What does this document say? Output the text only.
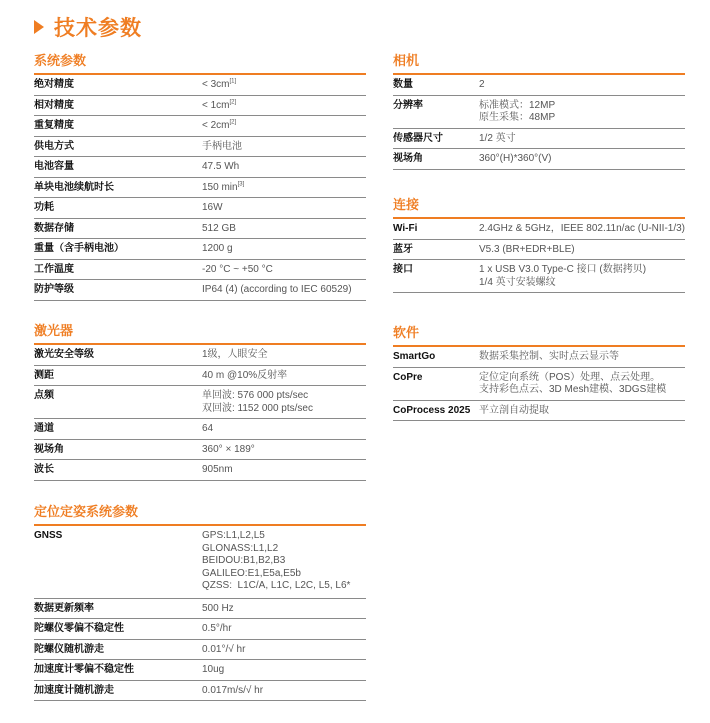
技术参数
系统参数
绝对精度	< 3cm[1]

相对精度	< 1cm[2]

重复精度	< 2cm[2]

供电方式	手柄电池

电池容量	47.5 Wh

单块电池续航时长	150 min[3]

功耗	16W

数据存储	512 GB

重量（含手柄电池）	1200 g

工作温度	-20 °C ~ +50 °C

防护等级	IP64 (4) (according to IEC 60529)
激光器
激光安全等级	1级，人眼安全

测距	40 m @10%反射率

点频	单回波: 576 000 pts/sec
双回波: 1152 000 pts/sec

通道	64

视场角	360° × 189°

波长	905nm
定位定姿系统参数
GNSS	GPS:L1,L2,L5
GLONASS:L1,L2
BEIDOU:B1,B2,B3
GALILEO:E1,E5a,E5b
QZSS:  L1C/A, L1C, L2C, L5, L6*

数据更新频率	500 Hz

陀螺仪零偏不稳定性	0.5°/hr

陀螺仪随机游走	0.01°/√ hr

加速度计零偏不稳定性	10ug

加速度计随机游走	0.017m/s/√ hr
相机
数量	2

分辨率	标准模式：12MP
原生采集：48MP

传感器尺寸	1/2 英寸

视场角	360°(H)*360°(V)
连接
Wi-Fi	2.4GHz & 5GHz，IEEE 802.11n/ac (U-NII-1/3)

蓝牙	V5.3 (BR+EDR+BLE)

接口	1 x USB V3.0 Type-C 接口 (数据拷贝)
1/4 英寸安装螺纹
软件
SmartGo	数据采集控制、实时点云显示等

CoPre	定位定向系统（POS）处理、点云处理。
支持彩色点云、3D Mesh建模、3DGS建模

CoProcess 2025	平立剖自动提取
